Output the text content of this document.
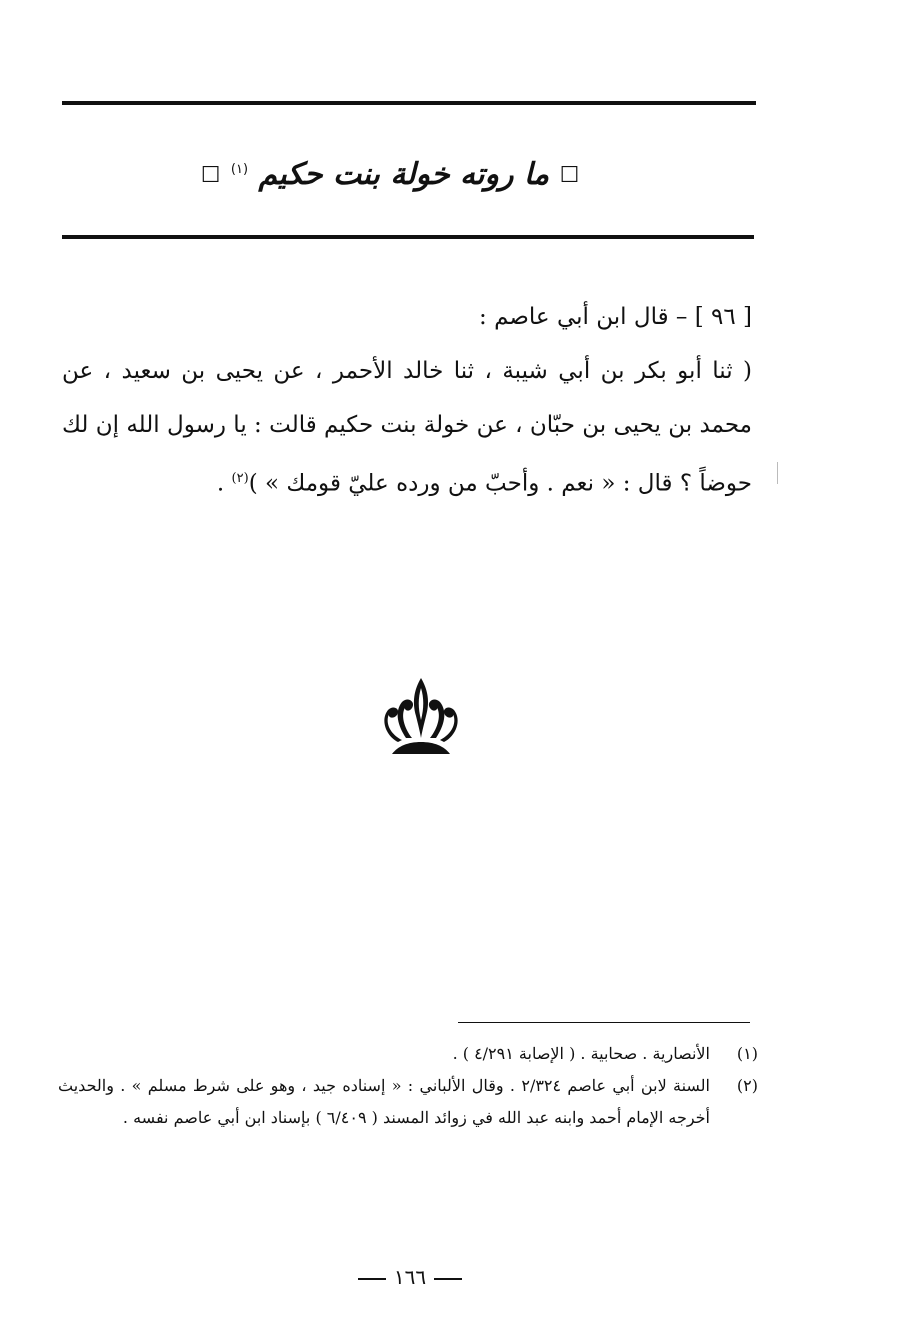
☐ ما روته خولة بنت حكيم $^{(١)}$ ☐

[ ٩٦ ] – قال ابن أبي عاصم :

( ثنا أبو بكر بن أبي شيبة ، ثنا خالد الأحمر ، عن يحيى بن سعيد ، عن محمد بن يحيى بن حبّان ، عن خولة بنت حكيم قالت : يا رسول الله إن لك حوضاً ؟ قال : « نعم . وأحبّ من ورده عليّ قومك » )$^{(٢)}$ .

(١)
الأنصارية . صحابية . ( الإصابة ٤/٢٩١ ) .
(٢)
السنة لابن أبي عاصم ٢/٣٢٤ . وقال الألباني : « إسناده جيد ، وهو على شرط مسلم » . والحديث أخرجه الإمام أحمد وابنه عبد الله في زوائد المسند ( ٦/٤٠٩ ) بإسناد ابن أبي عاصم نفسه .
١٦٦
